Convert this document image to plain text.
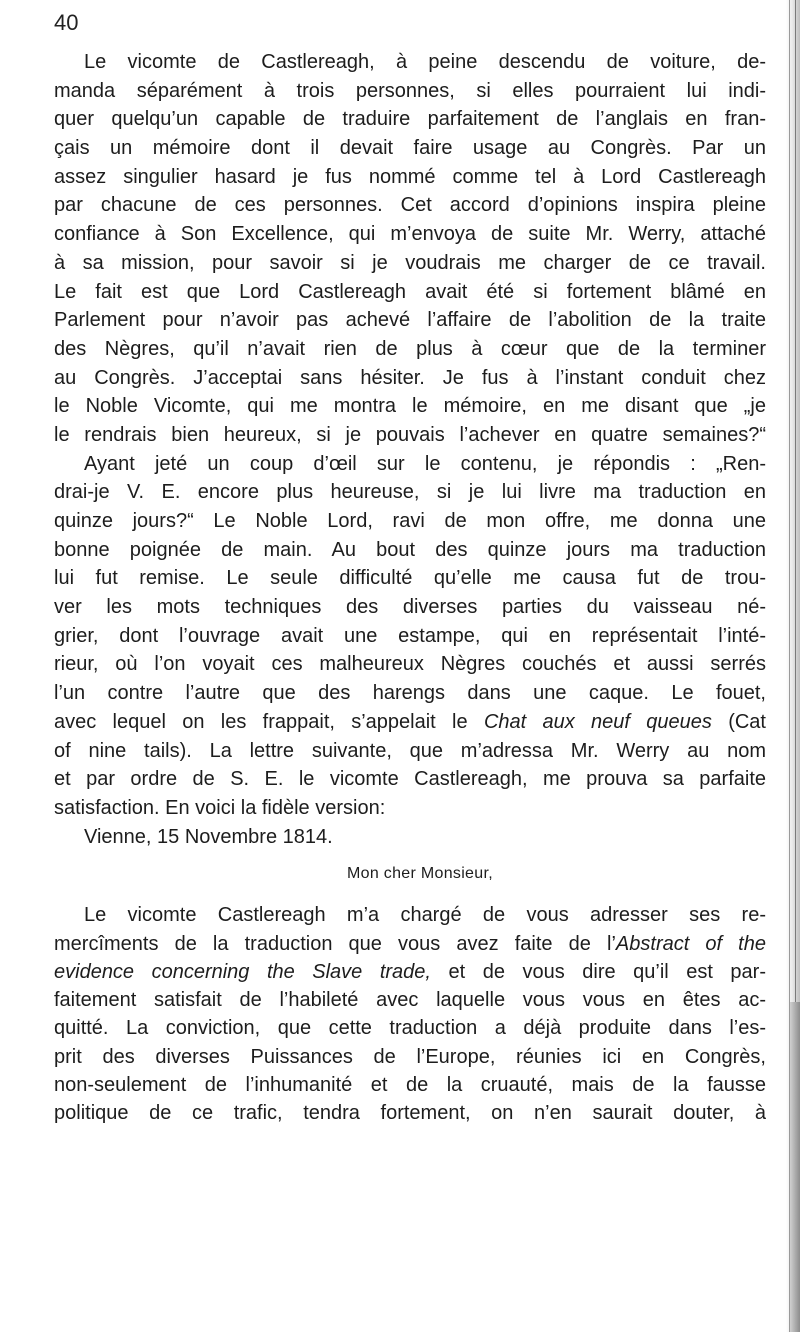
40
Le vicomte de Castlereagh, à peine descendu de voiture, de-
manda séparément à trois personnes, si elles pourraient lui indi-
quer quelqu’un capable de traduire parfaitement de l’anglais en fran-
çais un mémoire dont il devait faire usage au Congrès. Par un
assez singulier hasard je fus nommé comme tel à Lord Castlereagh
par chacune de ces personnes. Cet accord d’opinions inspira pleine
confiance à Son Excellence, qui m’envoya de suite Mr. Werry, attaché
à sa mission, pour savoir si je voudrais me charger de ce travail.
Le fait est que Lord Castlereagh avait été si fortement blâmé en
Parlement pour n’avoir pas achevé l’affaire de l’abolition de la traite
des Nègres, qu’il n’avait rien de plus à cœur que de la terminer
au Congrès. J’acceptai sans hésiter. Je fus à l’instant conduit chez
le Noble Vicomte, qui me montra le mémoire, en me disant que „je
le rendrais bien heureux, si je pouvais l’achever en quatre semaines?“
Ayant jeté un coup d’œil sur le contenu, je répondis : „Ren-
drai-je V. E. encore plus heureuse, si je lui livre ma traduction en
quinze jours?“ Le Noble Lord, ravi de mon offre, me donna une
bonne poignée de main. Au bout des quinze jours ma traduction
lui fut remise. Le seule difficulté qu’elle me causa fut de trou-
ver les mots techniques des diverses parties du vaisseau né-
grier, dont l’ouvrage avait une estampe, qui en représentait l’inté-
rieur, où l’on voyait ces malheureux Nègres couchés et aussi serrés
l’un contre l’autre que des harengs dans une caque. Le fouet,
avec lequel on les frappait, s’appelait le Chat aux neuf queues (Cat
of nine tails). La lettre suivante, que m’adressa Mr. Werry au nom
et par ordre de S. E. le vicomte Castlereagh, me prouva sa parfaite
satisfaction. En voici la fidèle version:
Vienne, 15 Novembre 1814.
Mon cher Monsieur,
Le vicomte Castlereagh m’a chargé de vous adresser ses re-
mercîments de la traduction que vous avez faite de l’Abstract of the
evidence concerning the Slave trade, et de vous dire qu’il est par-
faitement satisfait de l’habileté avec laquelle vous vous en êtes ac-
quitté. La conviction, que cette traduction a déjà produite dans l’es-
prit des diverses Puissances de l’Europe, réunies ici en Congrès,
non-seulement de l’inhumanité et de la cruauté, mais de la fausse
politique de ce trafic, tendra fortement, on n’en saurait douter, à
